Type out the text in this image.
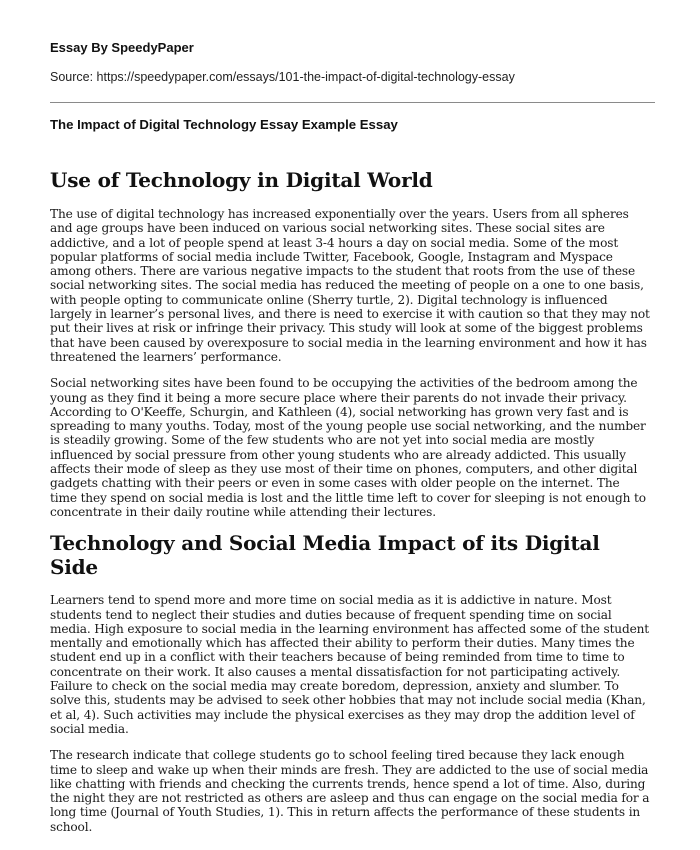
Essay By SpeedyPaper
Source: https://speedypaper.com/essays/101-the-impact-of-digital-technology-essay
The Impact of Digital Technology Essay Example Essay
Use of Technology in Digital World

The use of digital technology has increased exponentially over the years. Users from all spheres and age groups have been induced on various social networking sites. These social sites are addictive, and a lot of people spend at least 3-4 hours a day on social media. Some of the most popular platforms of social media include Twitter, Facebook, Google, Instagram and Myspace among others. There are various negative impacts to the student that roots from the use of these social networking sites. The social media has reduced the meeting of people on a one to one basis, with people opting to communicate online (Sherry turtle, 2). Digital technology is influenced largely in learner’s personal lives, and there is need to exercise it with caution so that they may not put their lives at risk or infringe their privacy. This study will look at some of the biggest problems that have been caused by overexposure to social media in the learning environment and how it has threatened the learners’ performance.

Social networking sites have been found to be occupying the activities of the bedroom among the young as they find it being a more secure place where their parents do not invade their privacy. According to O'Keeffe, Schurgin, and Kathleen (4), social networking has grown very fast and is spreading to many youths. Today, most of the young people use social networking, and the number is steadily growing. Some of the few students who are not yet into social media are mostly influenced by social pressure from other young students who are already addicted. This usually affects their mode of sleep as they use most of their time on phones, computers, and other digital gadgets chatting with their peers or even in some cases with older people on the internet. The time they spend on social media is lost and the little time left to cover for sleeping is not enough to concentrate in their daily routine while attending their lectures.

Technology and Social Media Impact of its Digital Side

Learners tend to spend more and more time on social media as it is addictive in nature. Most students tend to neglect their studies and duties because of frequent spending time on social media. High exposure to social media in the learning environment has affected some of the student mentally and emotionally which has affected their ability to perform their duties. Many times the student end up in a conflict with their teachers because of being reminded from time to time to concentrate on their work. It also causes a mental dissatisfaction for not participating actively. Failure to check on the social media may create boredom, depression, anxiety and slumber. To solve this, students may be advised to seek other hobbies that may not include social media (Khan, et al, 4). Such activities may include the physical exercises as they may drop the addition level of social media.

The research indicate that college students go to school feeling tired because they lack enough time to sleep and wake up when their minds are fresh. They are addicted to the use of social media like chatting with friends and checking the currents trends, hence spend a lot of time. Also, during the night they are not restricted as others are asleep and thus can engage on the social media for a long time (Journal of Youth Studies, 1). This in return affects the performance of these students in school.
